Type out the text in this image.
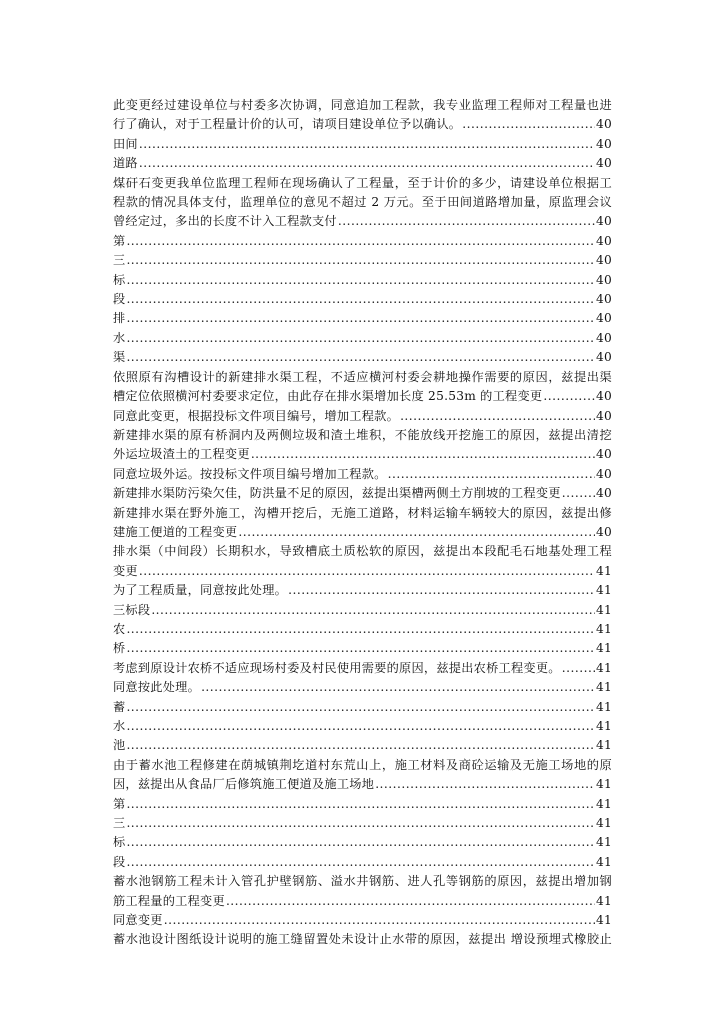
此变更经过建设单位与村委多次协调，同意追加工程款，我专业监理工程师对工程量也进
行了确认，对于工程量计价的认可，请项目建设单位予以确认。 .....	40
田间 .....	40
道路 .....	40
煤矸石变更我单位监理工程师在现场确认了工程量，至于计价的多少，请建设单位根据工
程款的情况具体支付，监理单位的意见不超过 2 万元。至于田间道路增加量，原监理会议
曾经定过，多出的长度不计入工程款支付 .....	40
第 .....	40
三 .....	40
标 .....	40
段 .....	40
排 .....	40
水 .....	40
渠 .....	40
依照原有沟槽设计的新建排水渠工程，不适应横河村委会耕地操作需要的原因，兹提出渠
槽定位依照横河村委要求定位，由此存在排水渠增加长度 25.53m 的工程变更 .....	40
同意此变更，根据投标文件项目编号，增加工程款。 .....	40
新建排水渠的原有桥洞内及两侧垃圾和渣土堆积，不能放线开挖施工的原因，兹提出清挖
外运垃圾渣土的工程变更 .....	40
同意垃圾外运。按投标文件项目编号增加工程款。 .....	40
新建排水渠防污染欠佳，防洪量不足的原因，兹提出渠槽两侧土方削坡的工程变更 .....	40
新建排水渠在野外施工，沟槽开挖后，无施工道路，材料运输车辆较大的原因，兹提出修
建施工便道的工程变更 .....	40
排水渠（中间段）长期积水，导致槽底土质松软的原因，兹提出本段配毛石地基处理工程
变更 .....	41
为了工程质量，同意按此处理。 .....	41
三标段 .....	41
农 .....	41
桥 .....	41
考虑到原设计农桥不适应现场村委及村民使用需要的原因，兹提出农桥工程变更。 .....	41
同意按此处理。 .....	41
蓄 .....	41
水 .....	41
池 .....	41
由于蓄水池工程修建在荫城镇荆圪道村东荒山上，施工材料及商砼运输及无施工场地的原
因，兹提出从食品厂后修筑施工便道及施工场地 .....	41
第 .....	41
三 .....	41
标 .....	41
段 .....	41
蓄水池钢筋工程未计入管孔护壁钢筋、溢水井钢筋、进人孔等钢筋的原因，兹提出增加钢
筋工程量的工程变更 .....	41
同意变更 .....	41
蓄水池设计图纸设计说明的施工缝留置处未设计止水带的原因，兹提出 增设预埋式橡胶止
